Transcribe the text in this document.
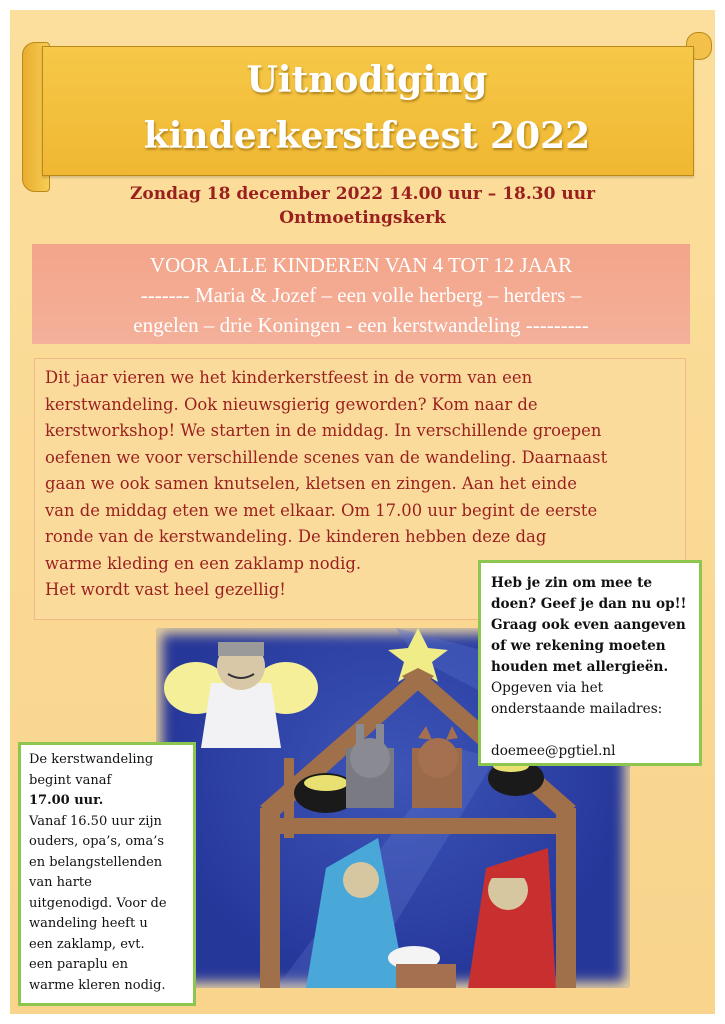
Uitnodiging
kinderkerstfeest 2022
Zondag 18 december 2022 14.00 uur – 18.30 uur
Ontmoetingskerk
VOOR ALLE KINDEREN VAN 4 TOT 12 JAAR
------- Maria & Jozef – een volle herberg – herders –
engelen – drie Koningen - een kerstwandeling ---------
Dit jaar vieren we het kinderkerstfeest in de vorm van een
kerstwandeling. Ook nieuwsgierig geworden? Kom naar de
kerstworkshop! We starten in de middag. In verschillende groepen
oefenen we voor verschillende scenes van de wandeling. Daarnaast
gaan we ook samen knutselen, kletsen en zingen. Aan het einde
van de middag eten we met elkaar. Om 17.00 uur begint de eerste
ronde van de kerstwandeling. De kinderen hebben deze dag
warme kleding en een zaklamp nodig.
Het wordt vast heel gezellig!	Heb je zin om mee te
doen? Geef je dan nu op!!
Graag ook even aangeven
of we rekening moeten
houden met allergieën.
Opgeven via het
onderstaande mailadres:
doemee@pgtiel.nl
De kerstwandeling
begint vanaf
17.00 uur.
Vanaf 16.50 uur zijn
ouders, opa’s, oma’s
en belangstellenden
van harte
uitgenodigd. Voor de
wandeling heeft u
een zaklamp, evt.
een paraplu en
warme kleren nodig.
